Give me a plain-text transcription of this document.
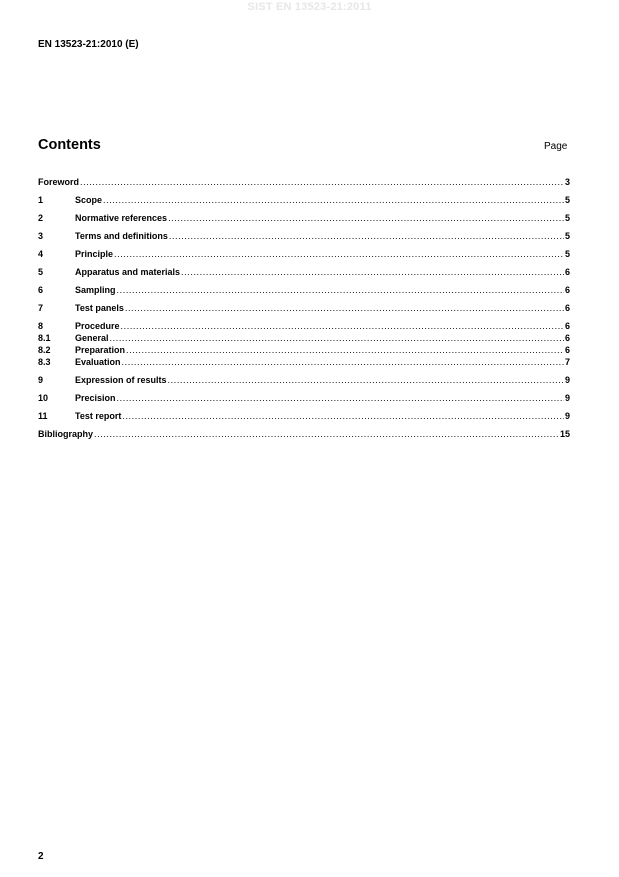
SIST EN 13523-21:2011
EN 13523-21:2010 (E)
Contents	Page
Foreword .....	3
1	Scope .....	5
2	Normative references .....	5
3	Terms and definitions .....	5
4	Principle .....	5
5	Apparatus and materials .....	6
6	Sampling .....	6
7	Test panels .....	6
8	Procedure .....	6
8.1	General .....	6
8.2	Preparation .....	6
8.3	Evaluation .....	7
9	Expression of results .....	9
10	Precision .....	9
11	Test report .....	9
Bibliography .....	15
2
